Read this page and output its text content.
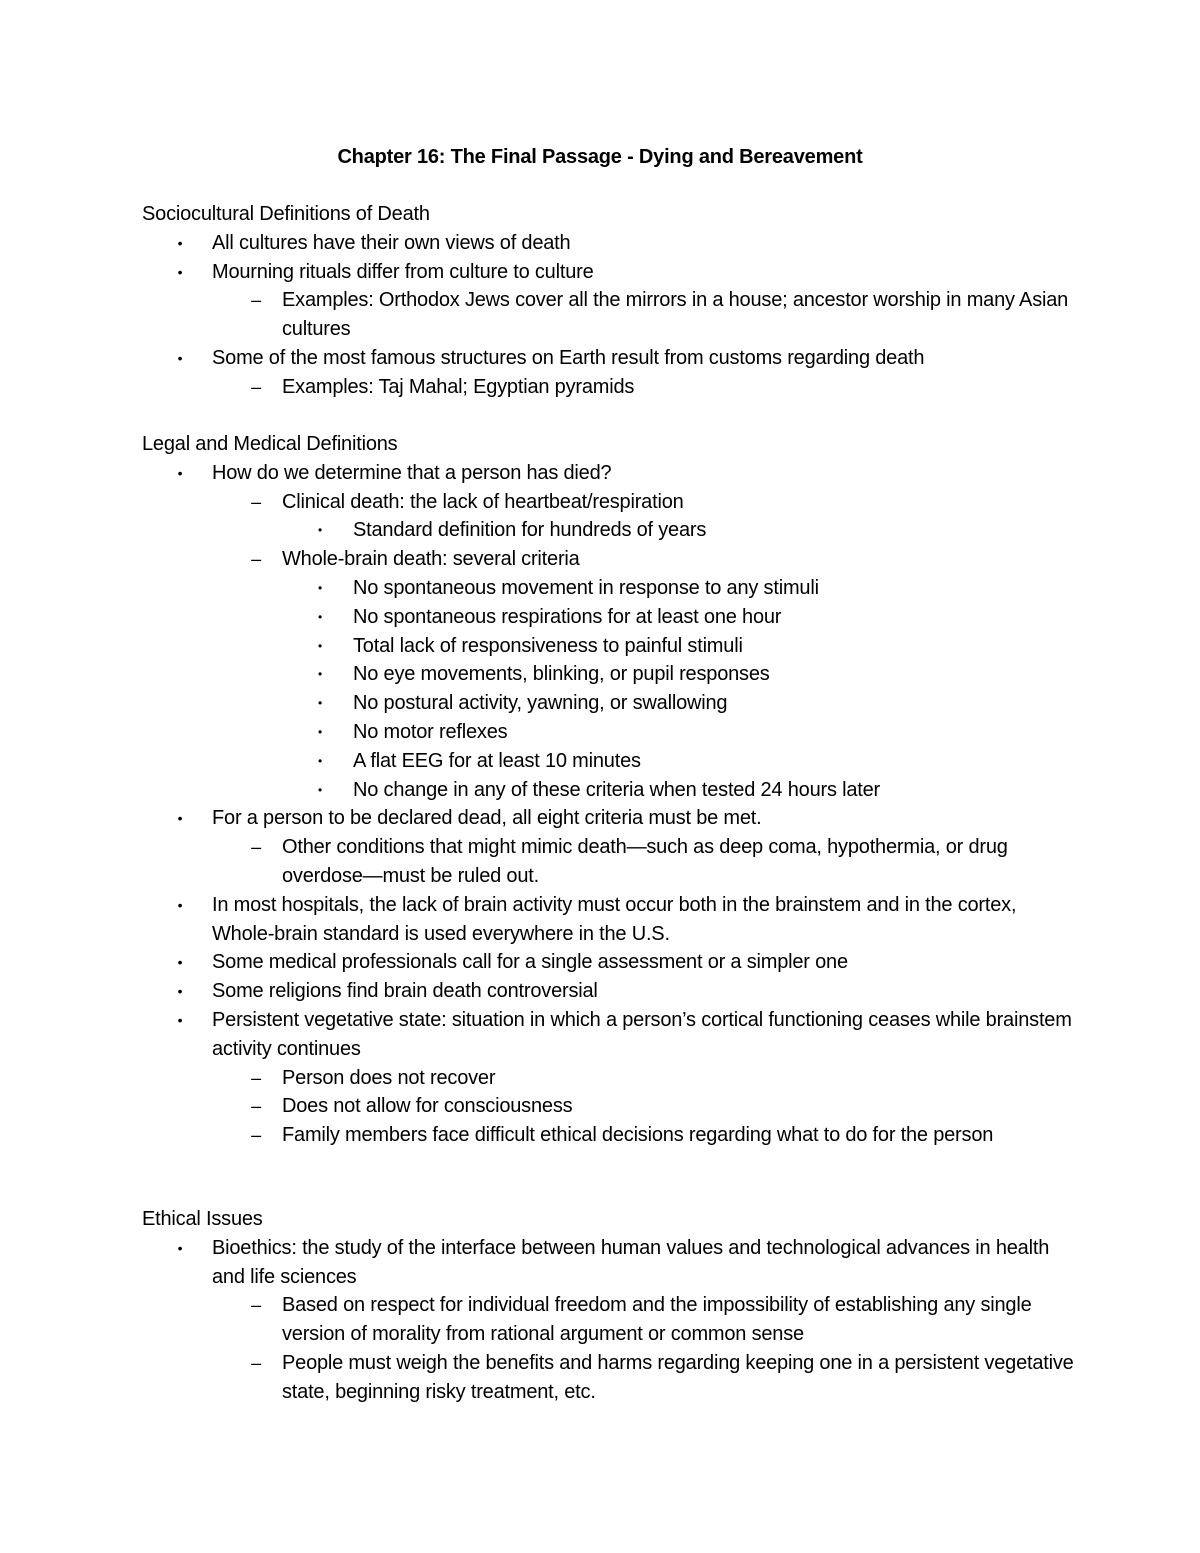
Chapter 16: The Final Passage - Dying and Bereavement
Sociocultural Definitions of Death
•	All cultures have their own views of death
•	Mourning rituals differ from culture to culture
– Examples: Orthodox Jews cover all the mirrors in a house; ancestor worship in many Asian cultures
•	Some of the most famous structures on Earth result from customs regarding death
– Examples: Taj Mahal; Egyptian pyramids
Legal and Medical Definitions
•	How do we determine that a person has died?
– Clinical death: the lack of heartbeat/respiration
•	Standard definition for hundreds of years
– Whole-brain death: several criteria
•	No spontaneous movement in response to any stimuli
•	No spontaneous respirations for at least one hour
•	Total lack of responsiveness to painful stimuli
•	No eye movements, blinking, or pupil responses
•	No postural activity, yawning, or swallowing
•	No motor reflexes
•	A flat EEG for at least 10 minutes
•	No change in any of these criteria when tested 24 hours later
•	For a person to be declared dead, all eight criteria must be met.
– Other conditions that might mimic death—such as deep coma, hypothermia, or drug overdose—must be ruled out.
•	In most hospitals, the lack of brain activity must occur both in the brainstem and in the cortex, Whole-brain standard is used everywhere in the U.S.
•	Some medical professionals call for a single assessment or a simpler one
•	Some religions find brain death controversial
•	Persistent vegetative state: situation in which a person’s cortical functioning ceases while brainstem activity continues
– Person does not recover
– Does not allow for consciousness
– Family members face difficult ethical decisions regarding what to do for the person
Ethical Issues
•	Bioethics: the study of the interface between human values and technological advances in health and life sciences
– Based on respect for individual freedom and the impossibility of establishing any single version of morality from rational argument or common sense
– People must weigh the benefits and harms regarding keeping one in a persistent vegetative state, beginning risky treatment, etc.
